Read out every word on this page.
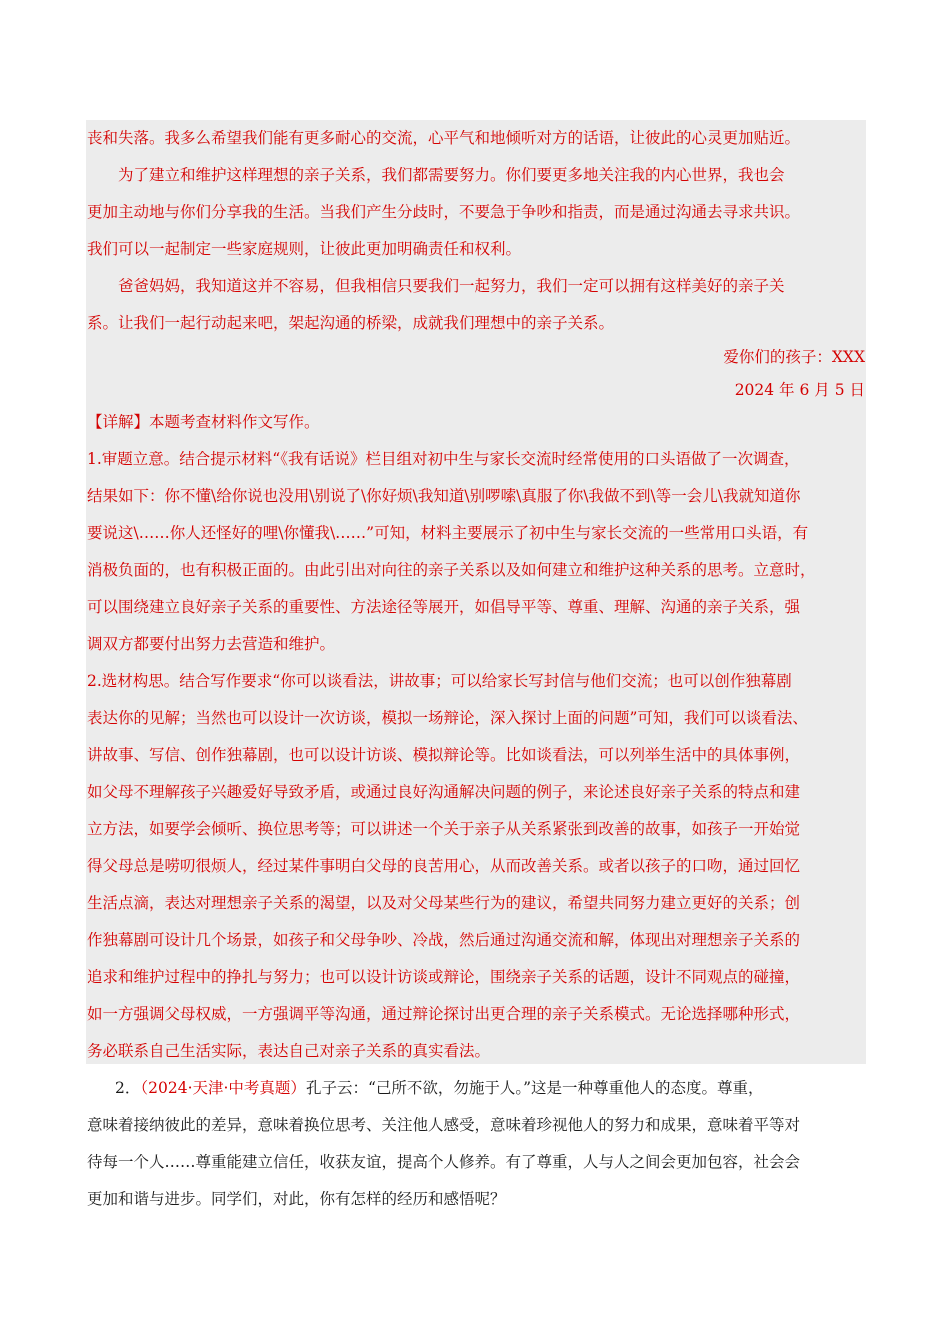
丧和失落。我多么希望我们能有更多耐心的交流，心平气和地倾听对方的话语，让彼此的心灵更加贴近。
　　为了建立和维护这样理想的亲子关系，我们都需要努力。你们要更多地关注我的内心世界，我也会
更加主动地与你们分享我的生活。当我们产生分歧时，不要急于争吵和指责，而是通过沟通去寻求共识。
我们可以一起制定一些家庭规则，让彼此更加明确责任和权利。
　　爸爸妈妈，我知道这并不容易，但我相信只要我们一起努力，我们一定可以拥有这样美好的亲子关
系。让我们一起行动起来吧，架起沟通的桥梁，成就我们理想中的亲子关系。
爱你们的孩子：XXX
2024 年 6 月 5 日
【详解】本题考查材料作文写作。
1.审题立意。结合提示材料“《我有话说》栏目组对初中生与家长交流时经常使用的口头语做了一次调查，
结果如下：你不懂\给你说也没用\别说了\你好烦\我知道\别啰嗦\真服了你\我做不到\等一会儿\我就知道你
要说这\……你人还怪好的哩\你懂我\……”可知，材料主要展示了初中生与家长交流的一些常用口头语，有
消极负面的，也有积极正面的。由此引出对向往的亲子关系以及如何建立和维护这种关系的思考。立意时，
可以围绕建立良好亲子关系的重要性、方法途径等展开，如倡导平等、尊重、理解、沟通的亲子关系，强
调双方都要付出努力去营造和维护。
2.选材构思。结合写作要求“你可以谈看法，讲故事；可以给家长写封信与他们交流；也可以创作独幕剧
表达你的见解；当然也可以设计一次访谈，模拟一场辩论，深入探讨上面的问题”可知，我们可以谈看法、
讲故事、写信、创作独幕剧，也可以设计访谈、模拟辩论等。比如谈看法，可以列举生活中的具体事例，
如父母不理解孩子兴趣爱好导致矛盾，或通过良好沟通解决问题的例子，来论述良好亲子关系的特点和建
立方法，如要学会倾听、换位思考等；可以讲述一个关于亲子从关系紧张到改善的故事，如孩子一开始觉
得父母总是唠叨很烦人，经过某件事明白父母的良苦用心，从而改善关系。或者以孩子的口吻，通过回忆
生活点滴，表达对理想亲子关系的渴望，以及对父母某些行为的建议，希望共同努力建立更好的关系；创
作独幕剧可设计几个场景，如孩子和父母争吵、冷战，然后通过沟通交流和解，体现出对理想亲子关系的
追求和维护过程中的挣扎与努力；也可以设计访谈或辩论，围绕亲子关系的话题，设计不同观点的碰撞，
如一方强调父母权威，一方强调平等沟通，通过辩论探讨出更合理的亲子关系模式。无论选择哪种形式，
务必联系自己生活实际，表达自己对亲子关系的真实看法。
2．（2024·天津·中考真题）孔子云：“己所不欲，勿施于人。”这是一种尊重他人的态度。尊重，
意味着接纳彼此的差异，意味着换位思考、关注他人感受，意味着珍视他人的努力和成果，意味着平等对
待每一个人……尊重能建立信任，收获友谊，提高个人修养。有了尊重，人与人之间会更加包容，社会会
更加和谐与进步。同学们，对此，你有怎样的经历和感悟呢？
